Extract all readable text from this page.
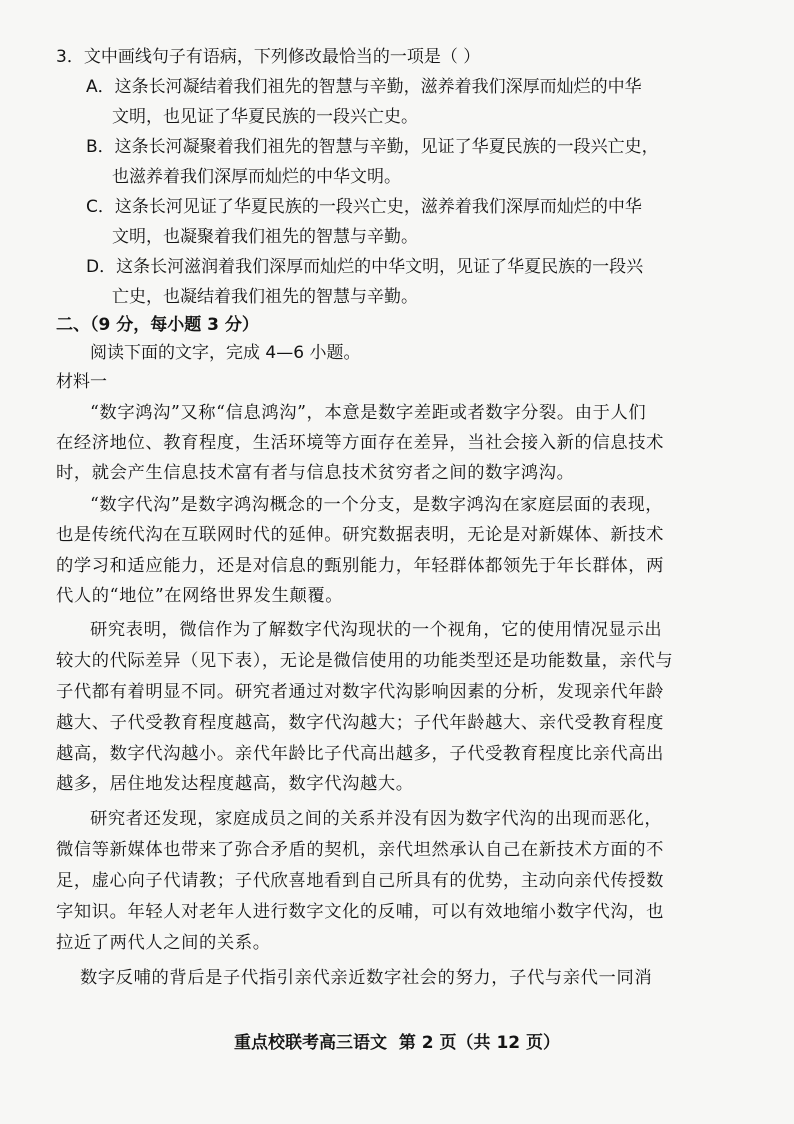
3．文中画线句子有语病，下列修改最恰当的一项是（ ）
A．这条长河凝结着我们祖先的智慧与辛勤，滋养着我们深厚而灿烂的中华
文明，也见证了华夏民族的一段兴亡史。
B．这条长河凝聚着我们祖先的智慧与辛勤，见证了华夏民族的一段兴亡史，
也滋养着我们深厚而灿烂的中华文明。
C．这条长河见证了华夏民族的一段兴亡史，滋养着我们深厚而灿烂的中华
文明，也凝聚着我们祖先的智慧与辛勤。
D．这条长河滋润着我们深厚而灿烂的中华文明，见证了华夏民族的一段兴
亡史，也凝结着我们祖先的智慧与辛勤。
二、（9 分，每小题 3 分）
阅读下面的文字，完成 4—6 小题。
材料一
“数字鸿沟”又称“信息鸿沟”，本意是数字差距或者数字分裂。由于人们
在经济地位、教育程度，生活环境等方面存在差异，当社会接入新的信息技术
时，就会产生信息技术富有者与信息技术贫穷者之间的数字鸿沟。
“数字代沟”是数字鸿沟概念的一个分支，是数字鸿沟在家庭层面的表现，
也是传统代沟在互联网时代的延伸。研究数据表明，无论是对新媒体、新技术
的学习和适应能力，还是对信息的甄别能力，年轻群体都领先于年长群体，两
代人的“地位”在网络世界发生颠覆。
研究表明，微信作为了解数字代沟现状的一个视角，它的使用情况显示出
较大的代际差异（见下表），无论是微信使用的功能类型还是功能数量，亲代与
子代都有着明显不同。研究者通过对数字代沟影响因素的分析，发现亲代年龄
越大、子代受教育程度越高，数字代沟越大；子代年龄越大、亲代受教育程度
越高，数字代沟越小。亲代年龄比子代高出越多，子代受教育程度比亲代高出
越多，居住地发达程度越高，数字代沟越大。
研究者还发现，家庭成员之间的关系并没有因为数字代沟的出现而恶化，
微信等新媒体也带来了弥合矛盾的契机，亲代坦然承认自己在新技术方面的不
足，虚心向子代请教；子代欣喜地看到自己所具有的优势，主动向亲代传授数
字知识。年轻人对老年人进行数字文化的反哺，可以有效地缩小数字代沟，也
拉近了两代人之间的关系。
数字反哺的背后是子代指引亲代亲近数字社会的努力，子代与亲代一同消
重点校联考高三语文 第 2 页（共 12 页）
